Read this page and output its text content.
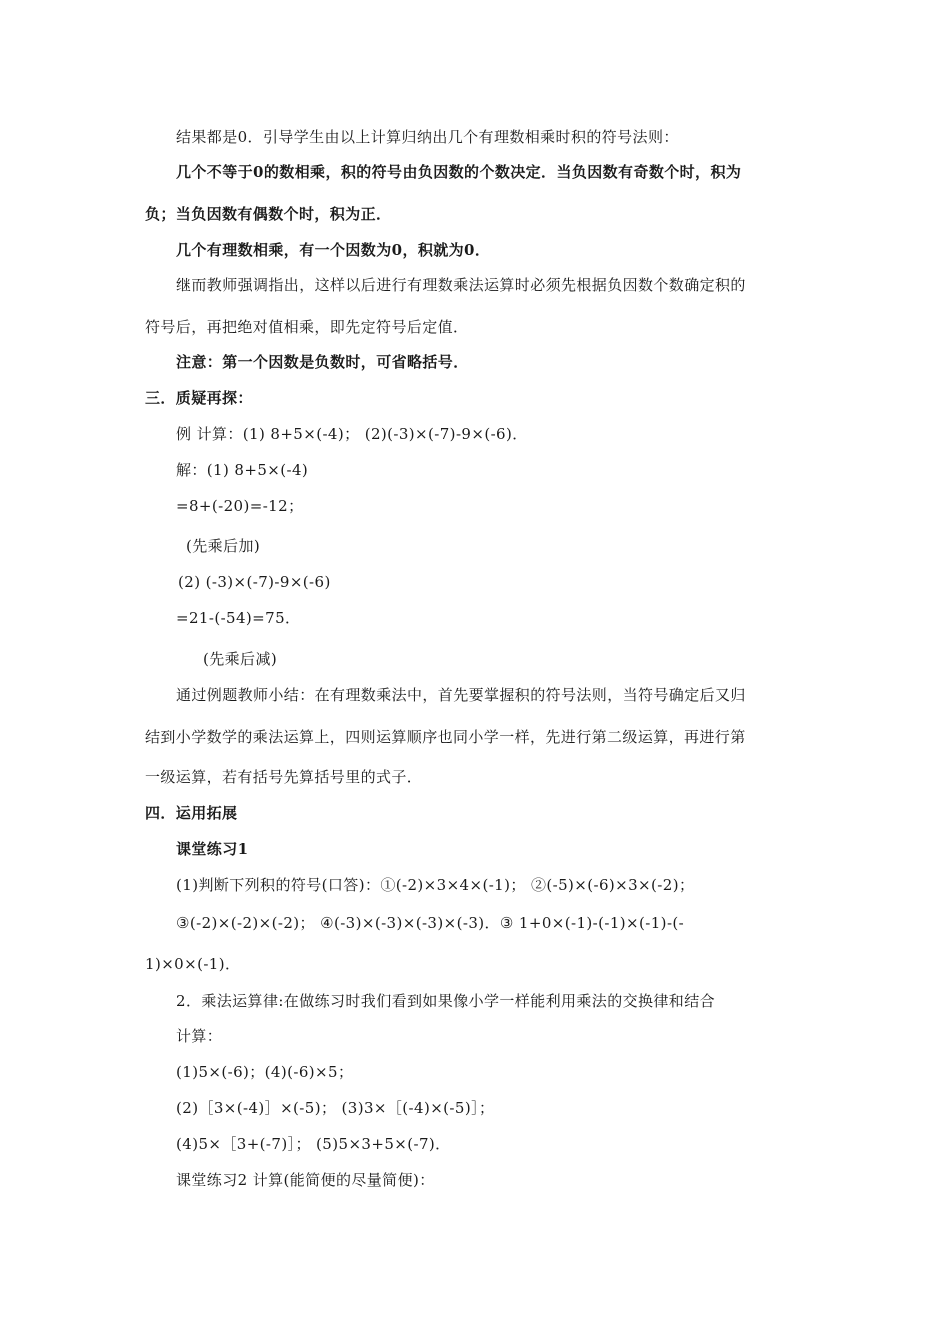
结果都是0．引导学生由以上计算归纳出几个有理数相乘时积的符号法则：
几个不等于0的数相乘，积的符号由负因数的个数决定．当负因数有奇数个时，积为
负；当负因数有偶数个时，积为正．
几个有理数相乘，有一个因数为0，积就为0．
继而教师强调指出，这样以后进行有理数乘法运算时必须先根据负因数个数确定积的
符号后，再把绝对值相乘，即先定符号后定值．
注意：第一个因数是负数时，可省略括号．
三．质疑再探：
例 计算：(1) 8+5×(-4)； (2)(-3)×(-7)-9×(-6)．
解：(1) 8+5×(-4)
=8+(-20)=-12；
(先乘后加)
(2) (-3)×(-7)-9×(-6)
=21-(-54)=75．
(先乘后减)
通过例题教师小结：在有理数乘法中，首先要掌握积的符号法则，当符号确定后又归
结到小学数学的乘法运算上，四则运算顺序也同小学一样，先进行第二级运算，再进行第
一级运算，若有括号先算括号里的式子．
四．运用拓展
课堂练习1
(1)判断下列积的符号(口答)：①(-2)×3×4×(-1)； ②(-5)×(-6)×3×(-2)；
③(-2)×(-2)×(-2)； ④(-3)×(-3)×(-3)×(-3)．③ 1+0×(-1)-(-1)×(-1)-(-
1)×0×(-1)．
2．乘法运算律:在做练习时我们看到如果像小学一样能利用乘法的交换律和结合
计算：
(1)5×(-6)；(4)(-6)×5；
(2)［3×(-4)］×(-5)； (3)3×［(-4)×(-5)］；
(4)5×［3+(-7)］； (5)5×3+5×(-7)．
课堂练习2 计算(能简便的尽量简便)：
